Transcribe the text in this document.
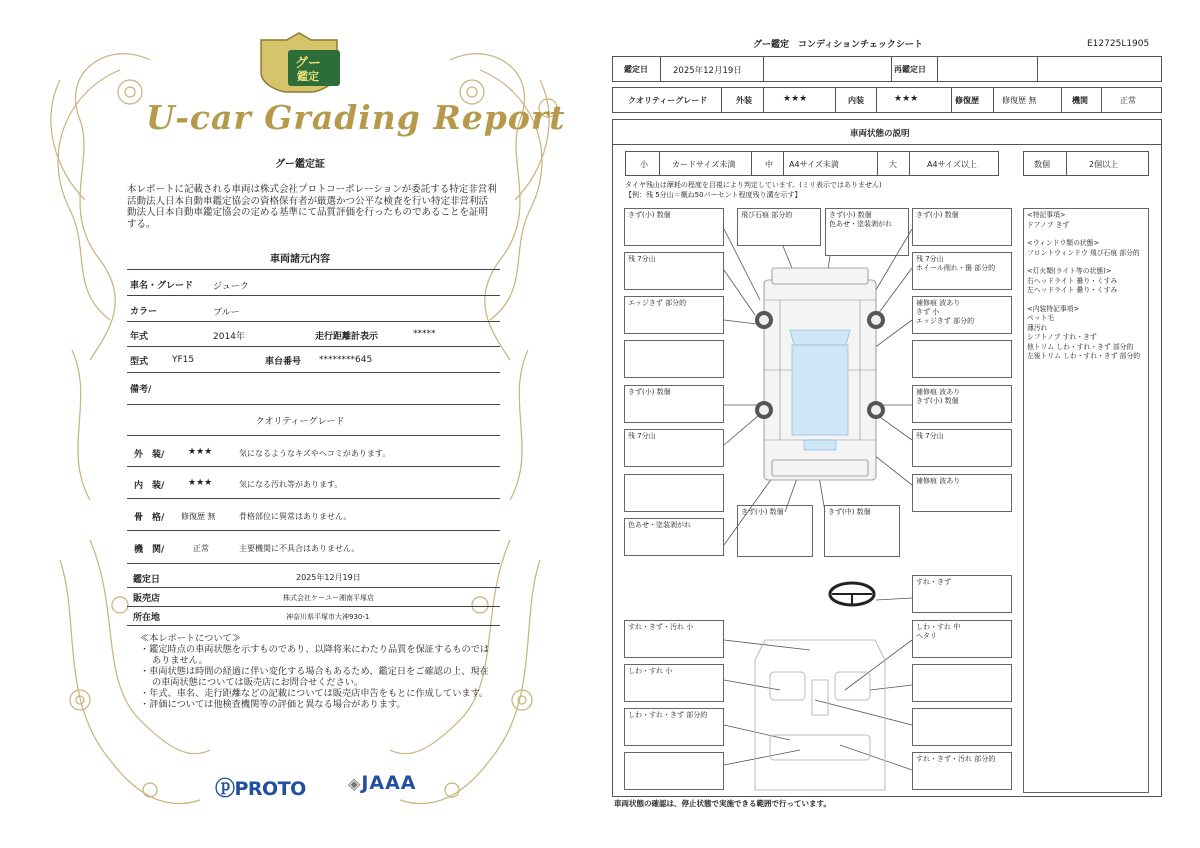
グー
鑑定
U-car Grading Report
グー鑑定証
本レポートに記載される車両は株式会社プロトコーポレーションが委託する特定非営利活動法人日本自動車鑑定協会の資格保有者が厳選かつ公平な検査を行い特定非営利活動法人日本自動車鑑定協会の定める基準にて品質評価を行ったものであることを証明する。
車両諸元内容
車名・グレード ジューク
カラー	ブルー
年式	2014年	走行距離計表示	*****
型式	YF15	車台番号 ********645
備考/
クオリティーグレード
外　装/	★★★	気になるようなキズやヘコミがあります。
内　装/	★★★	気になる汚れ等があります。
骨　格/ 修復歴 無	骨格部位に異常はありません。
機　関/	正常	主要機関に不具合はありません。
鑑定日	2025年12月19日
販売店	株式会社ケーユー湘南平塚店
所在地	神奈川県平塚市大神930-1
≪本レポートについて≫
・鑑定時点の車両状態を示すものであり、以降将来にわたり品質を保証するものではありません。
・車両状態は時間の経過に伴い変化する場合もあるため、鑑定日をご確認の上、現在の車両状態については販売店にお問合せください。
・年式、車名、走行距離などの記載については販売店申告をもとに作成しています。
・評価については他検査機関等の評価と異なる場合があります。
ⓟPROTO	◈JAAA
グー鑑定　コンディションチェックシート	E12725L1905
鑑定日	2025年12月19日	再鑑定日
クオリティーグレード	外装	★★★	内装	★★★	修復歴	修復歴 無	機関	正常
車両状態の説明
小	カードサイズ未満	中 A4サイズ未満	大	A4サイズ以上	数個	2個以上
タイヤ残山は摩耗の程度を目視により判定しています。(ミリ表示ではありません)
【例：残 5分山＝概ね50パーセント程度残り溝を示す】
きず(小) 数個
残 7分山
エッジきず 部分的
きず(小) 数個
残 7分山
色あせ・塗装剥がれ
飛び石痕 部分的	きず(小) 数個
色あせ・塗装剥がれ
きず(小) 数個
残 7分山
ホイール削れ・傷 部分的
補修痕 波あり
きず 小
エッジきず 部分的
補修痕 波あり
きず(小) 数個
残 7分山
補修痕 波あり
きず(小) 数個	きず(中) 数個
すれ・きず・汚れ 小
しわ・すれ 小
しわ・すれ・きず 部分的
すれ・きず
しわ・すれ 中
ヘタリ
すれ・きず・汚れ 部分的
<特記事項>
ドアノブ きず
<ウィンドウ類の状態>
フロントウィンドウ 飛び石痕 部分的
<灯火類(ライト等の状態)>
右ヘッドライト 曇り・くすみ
左ヘッドライト 曇り・くすみ
<内装特記事項>
ペット毛
薄汚れ
シフトノブ すれ・きず
他トリム しわ・すれ・きず 部分的
左後トリム しわ・すれ・きず 部分的
車両状態の確認は、停止状態で実施できる範囲で行っています。
